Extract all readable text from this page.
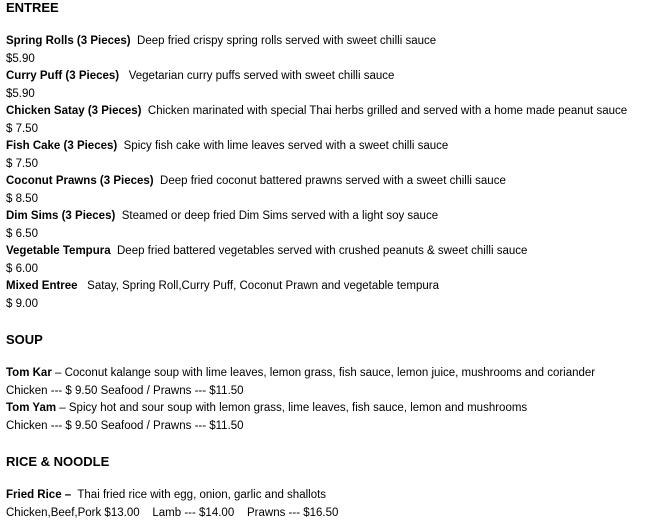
ENTREE
Spring Rolls (3 Pieces) Deep fried crispy spring rolls served with sweet chilli sauce
$5.90
Curry Puff (3 Pieces) Vegetarian curry puffs served with sweet chilli sauce
$5.90
Chicken Satay (3 Pieces) Chicken marinated with special Thai herbs grilled and served with a home made peanut sauce
$ 7.50
Fish Cake (3 Pieces) Spicy fish cake with lime leaves served with a sweet chilli sauce
$ 7.50
Coconut Prawns (3 Pieces) Deep fried coconut battered prawns served with a sweet chilli sauce
$ 8.50
Dim Sims (3 Pieces) Steamed or deep fried Dim Sims served with a light soy sauce
$ 6.50
Vegetable Tempura Deep fried battered vegetables served with crushed peanuts & sweet chilli sauce
$ 6.00
Mixed Entree Satay, Spring Roll,Curry Puff, Coconut Prawn and vegetable tempura
$ 9.00
SOUP
Tom Kar – Coconut kalange soup with lime leaves, lemon grass, fish sauce, lemon juice, mushrooms and coriander
Chicken --- $ 9.50 Seafood / Prawns --- $11.50
Tom Yam – Spicy hot and sour soup with lemon grass, lime leaves, fish sauce, lemon and mushrooms
Chicken --- $ 9.50 Seafood / Prawns --- $11.50
RICE & NOODLE
Fried Rice – Thai fried rice with egg, onion, garlic and shallots
Chicken,Beef,Pork $13.00    Lamb --- $14.00    Prawns --- $16.50
